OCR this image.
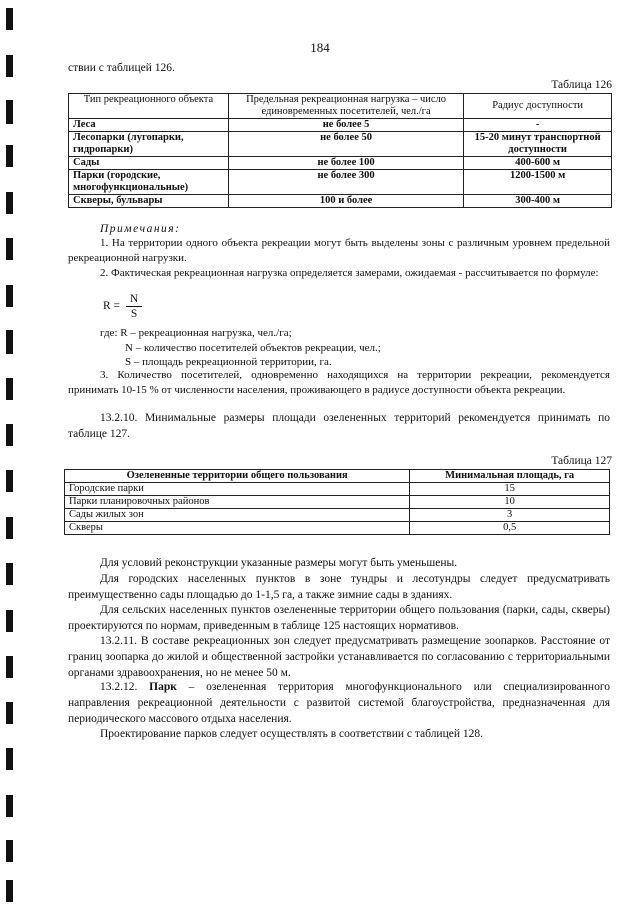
184
ствии с таблицей 126.
Таблица 126
Тип рекреационного объекта	Предельная рекреационная нагрузка – число единовременных посетителей, чел./га	Радиус доступности
Леса	не более 5	-
Лесопарки (лугопарки, гидропарки)	не более 50	15-20 минут транспортной доступности
Сады	не более 100	400-600 м
Парки (городские, многофункциональные)	не более 300	1200-1500 м
Скверы, бульвары	100 и более	300-400 м
Примечания:

1. На территории одного объекта рекреации могут быть выделены зоны с различным уровнем предельной рекреационной нагрузки.

2. Фактическая рекреационная нагрузка определяется замерами, ожидаемая - рассчитывается по формуле:

$R = \frac{N}{S}$
где: R – рекреационная нагрузка, чел./га;
N – количество посетителей объектов рекреации, чел.;
S – площадь рекреационной территории, га.

3. Количество посетителей, одновременно находящихся на территории рекреации, рекомендуется принимать 10-15 % от численности населения, проживающего в радиусе доступности объекта рекреации.

13.2.10. Минимальные размеры площади озелененных территорий рекомендуется принимать по таблице 127.

Таблица 127
Озелененные территории общего пользования	Минимальная площадь, га
Городские парки	15
Парки планировочных районов	10
Сады жилых зон	3
Скверы	0,5

Для условий реконструкции указанные размеры могут быть уменьшены.

Для городских населенных пунктов в зоне тундры и лесотундры следует предусматривать преимущественно сады площадью до 1-1,5 га, а также зимние сады в зданиях.

Для сельских населенных пунктов озелененные территории общего пользования (парки, сады, скверы) проектируются по нормам, приведенным в таблице 125 настоящих нормативов.

13.2.11. В составе рекреационных зон следует предусматривать размещение зоопарков. Расстояние от границ зоопарка до жилой и общественной застройки устанавливается по согласованию с территориальными органами здравоохранения, но не менее 50 м.

13.2.12. Парк – озелененная территория многофункционального или специализированного направления рекреационной деятельности с развитой системой благоустройства, предназначенная для периодического массового отдыха населения.

Проектирование парков следует осуществлять в соответствии с таблицей 128.
